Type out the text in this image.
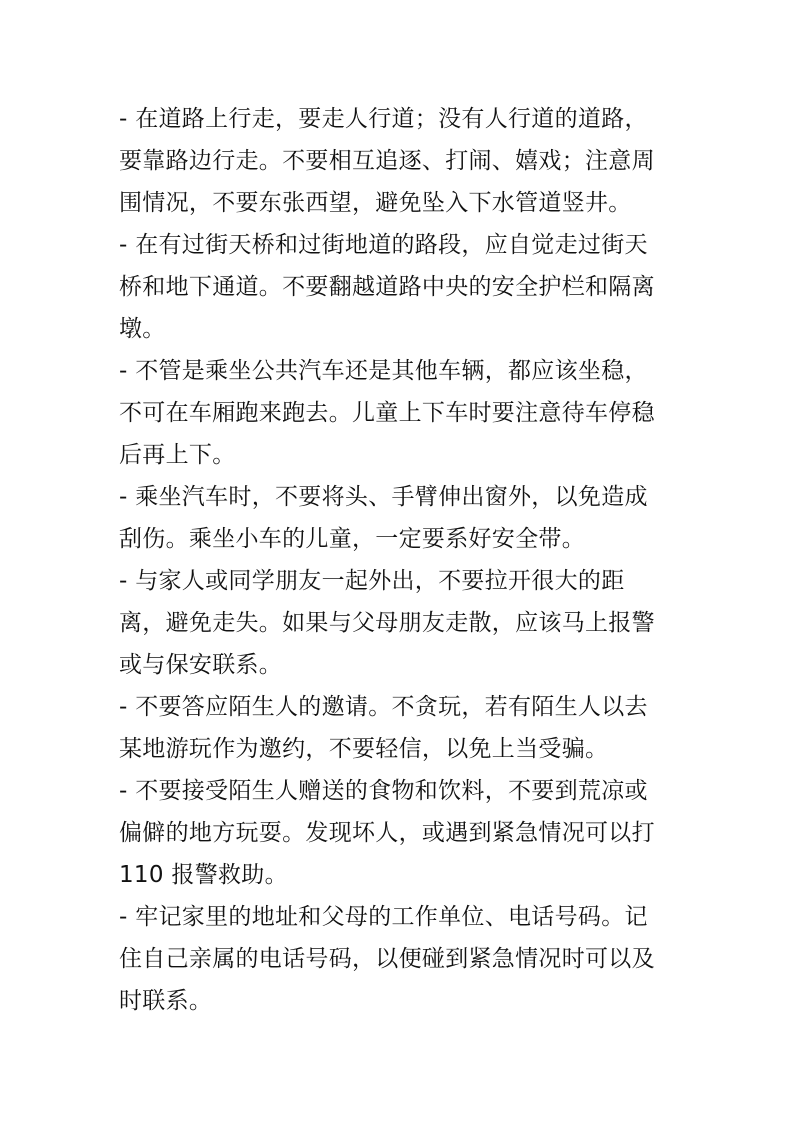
- 在道路上行走，要走人行道；没有人行道的道路，
要靠路边行走。不要相互追逐、打闹、嬉戏；注意周
围情况，不要东张西望，避免坠入下水管道竖井。
- 在有过街天桥和过街地道的路段，应自觉走过街天
桥和地下通道。不要翻越道路中央的安全护栏和隔离
墩。
- 不管是乘坐公共汽车还是其他车辆，都应该坐稳，
不可在车厢跑来跑去。儿童上下车时要注意待车停稳
后再上下。
- 乘坐汽车时，不要将头、手臂伸出窗外，以免造成
刮伤。乘坐小车的儿童，一定要系好安全带。
- 与家人或同学朋友一起外出，不要拉开很大的距
离，避免走失。如果与父母朋友走散，应该马上报警
或与保安联系。
- 不要答应陌生人的邀请。不贪玩，若有陌生人以去
某地游玩作为邀约，不要轻信，以免上当受骗。
- 不要接受陌生人赠送的食物和饮料，不要到荒凉或
偏僻的地方玩耍。发现坏人，或遇到紧急情况可以打
110 报警救助。
- 牢记家里的地址和父母的工作单位、电话号码。记
住自己亲属的电话号码，以便碰到紧急情况时可以及
时联系。
